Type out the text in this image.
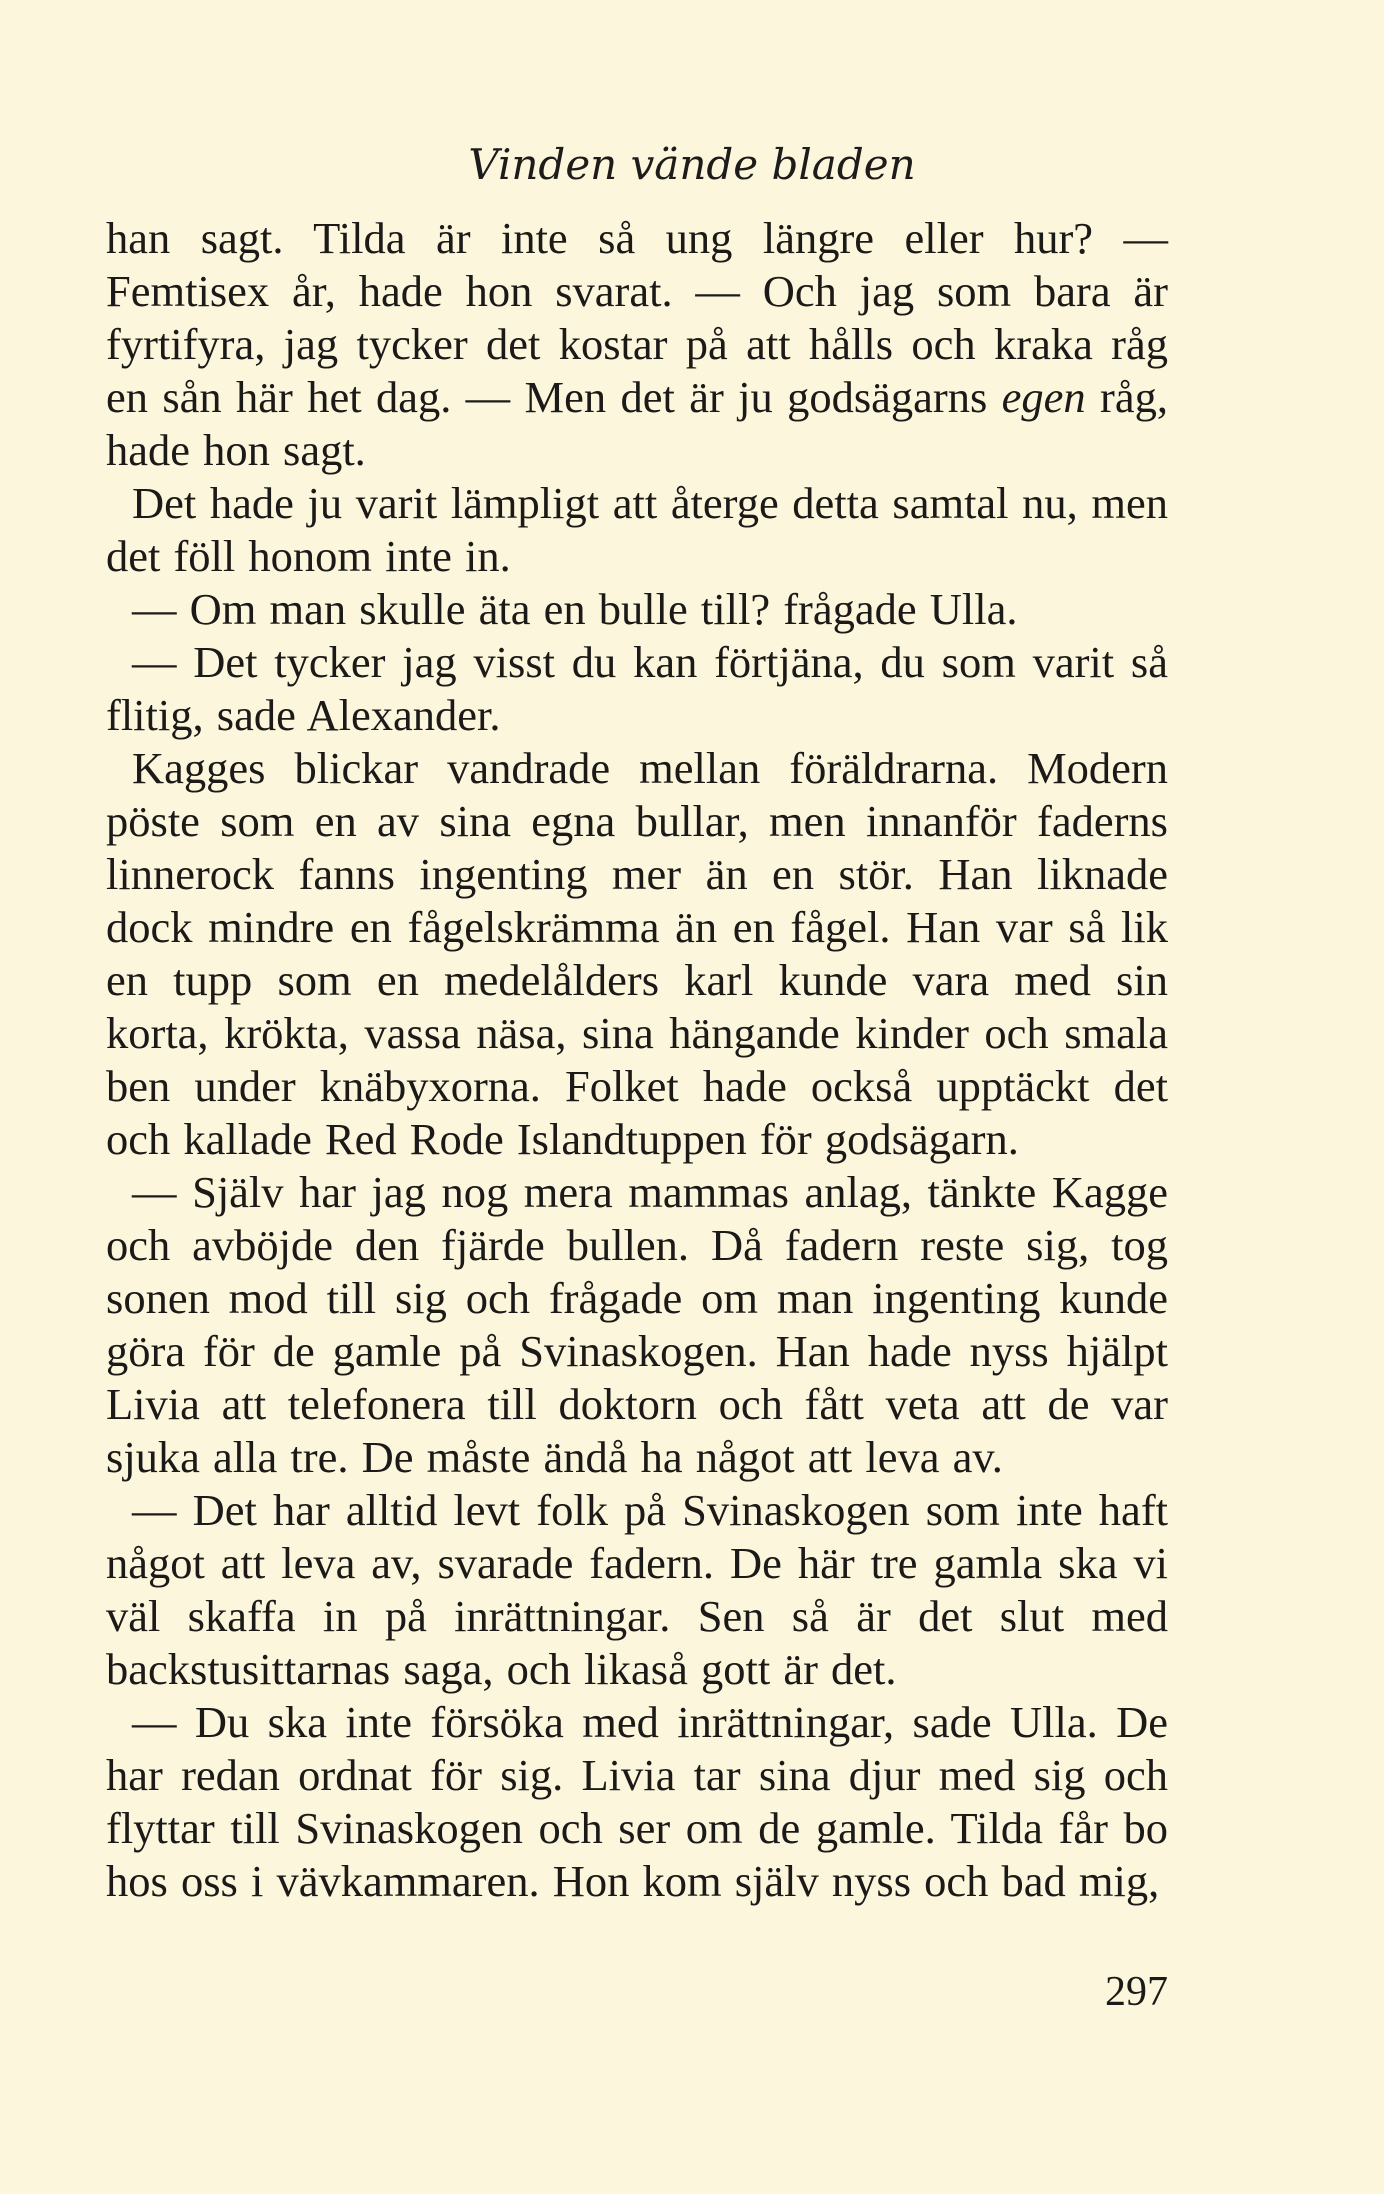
Vinden vände bladen

han sagt. Tilda är inte så ung längre eller hur? — Femtisex år, hade hon svarat. — Och jag som bara är fyrtifyra, jag tycker det kostar på att hålls och kraka råg en sån här het dag. — Men det är ju godsägarns egen råg, hade hon sagt.

Det hade ju varit lämpligt att återge detta samtal nu, men det föll honom inte in.

— Om man skulle äta en bulle till? frågade Ulla.

— Det tycker jag visst du kan förtjäna, du som varit så flitig, sade Alexander.

Kagges blickar vandrade mellan föräldrarna. Modern pöste som en av sina egna bullar, men innanför faderns linnerock fanns ingenting mer än en stör. Han liknade dock mindre en fågelskrämma än en fågel. Han var så lik en tupp som en medelålders karl kunde vara med sin korta, krökta, vassa näsa, sina hängande kinder och smala ben under knäbyxorna. Folket hade också upptäckt det och kallade Red Rode Islandtuppen för godsägarn.

— Själv har jag nog mera mammas anlag, tänkte Kagge och avböjde den fjärde bullen. Då fadern reste sig, tog sonen mod till sig och frågade om man ingenting kunde göra för de gamle på Svinaskogen. Han hade nyss hjälpt Livia att telefonera till doktorn och fått veta att de var sjuka alla tre. De måste ändå ha något att leva av.

— Det har alltid levt folk på Svinaskogen som inte haft något att leva av, svarade fadern. De här tre gamla ska vi väl skaffa in på inrättningar. Sen så är det slut med backstusittarnas saga, och likaså gott är det.

— Du ska inte försöka med inrättningar, sade Ulla. De har redan ordnat för sig. Livia tar sina djur med sig och flyttar till Svinaskogen och ser om de gamle. Tilda får bo hos oss i vävkammaren. Hon kom själv nyss och bad mig,

297
